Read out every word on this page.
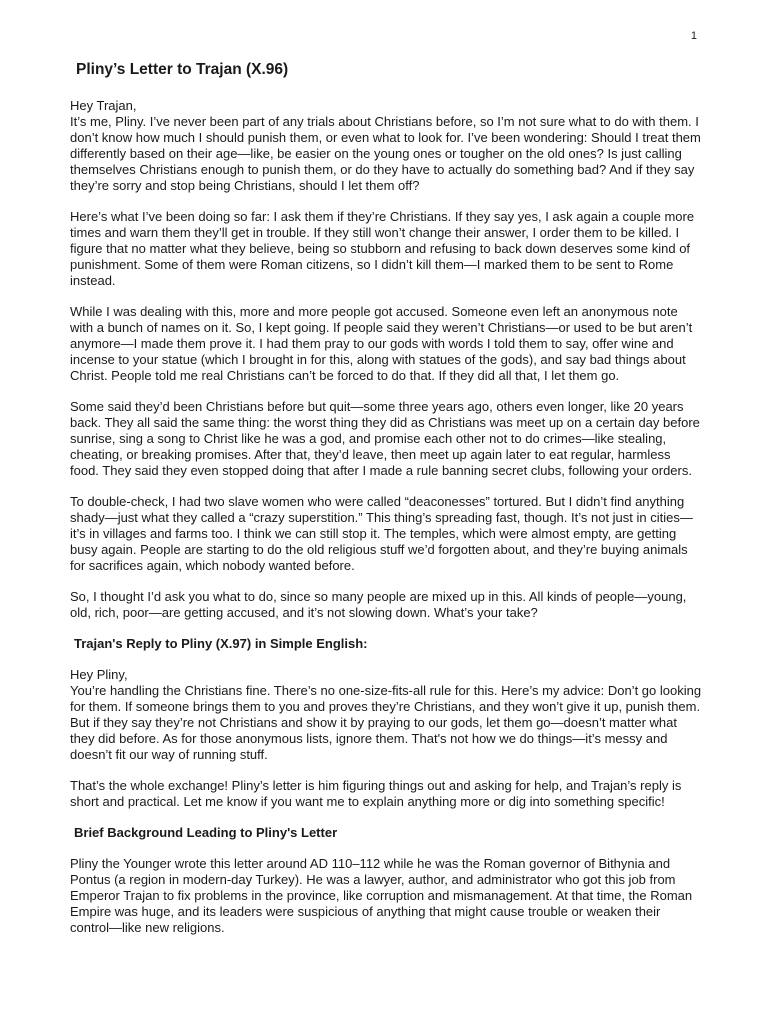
1
Pliny’s Letter to Trajan (X.96)

Hey Trajan,
It’s me, Pliny. I’ve never been part of any trials about Christians before, so I’m not sure what to do with them. I don’t know how much I should punish them, or even what to look for. I’ve been wondering: Should I treat them differently based on their age—like, be easier on the young ones or tougher on the old ones? Is just calling themselves Christians enough to punish them, or do they have to actually do something bad? And if they say they’re sorry and stop being Christians, should I let them off?

Here’s what I’ve been doing so far: I ask them if they’re Christians. If they say yes, I ask again a couple more times and warn them they’ll get in trouble. If they still won’t change their answer, I order them to be killed. I figure that no matter what they believe, being so stubborn and refusing to back down deserves some kind of punishment. Some of them were Roman citizens, so I didn’t kill them—I marked them to be sent to Rome instead.

While I was dealing with this, more and more people got accused. Someone even left an anonymous note with a bunch of names on it. So, I kept going. If people said they weren’t Christians—or used to be but aren’t anymore—I made them prove it. I had them pray to our gods with words I told them to say, offer wine and incense to your statue (which I brought in for this, along with statues of the gods), and say bad things about Christ. People told me real Christians can’t be forced to do that. If they did all that, I let them go.

Some said they’d been Christians before but quit—some three years ago, others even longer, like 20 years back. They all said the same thing: the worst thing they did as Christians was meet up on a certain day before sunrise, sing a song to Christ like he was a god, and promise each other not to do crimes—like stealing, cheating, or breaking promises. After that, they’d leave, then meet up again later to eat regular, harmless food. They said they even stopped doing that after I made a rule banning secret clubs, following your orders.

To double-check, I had two slave women who were called “deaconesses” tortured. But I didn’t find anything shady—just what they called a “crazy superstition.” This thing’s spreading fast, though. It’s not just in cities—it’s in villages and farms too. I think we can still stop it. The temples, which were almost empty, are getting busy again. People are starting to do the old religious stuff we’d forgotten about, and they’re buying animals for sacrifices again, which nobody wanted before.

So, I thought I’d ask you what to do, since so many people are mixed up in this. All kinds of people—young, old, rich, poor—are getting accused, and it’s not slowing down. What’s your take?

Trajan's Reply to Pliny (X.97) in Simple English:

Hey Pliny,
You’re handling the Christians fine. There’s no one-size-fits-all rule for this. Here’s my advice: Don’t go looking for them. If someone brings them to you and proves they’re Christians, and they won’t give it up, punish them. But if they say they’re not Christians and show it by praying to our gods, let them go—doesn’t matter what they did before. As for those anonymous lists, ignore them. That's not how we do things—it’s messy and doesn’t fit our way of running stuff.

That’s the whole exchange! Pliny’s letter is him figuring things out and asking for help, and Trajan’s reply is short and practical. Let me know if you want me to explain anything more or dig into something specific!

Brief Background Leading to Pliny's Letter

Pliny the Younger wrote this letter around AD 110–112 while he was the Roman governor of Bithynia and Pontus (a region in modern-day Turkey). He was a lawyer, author, and administrator who got this job from Emperor Trajan to fix problems in the province, like corruption and mismanagement. At that time, the Roman Empire was huge, and its leaders were suspicious of anything that might cause trouble or weaken their control—like new religions.
